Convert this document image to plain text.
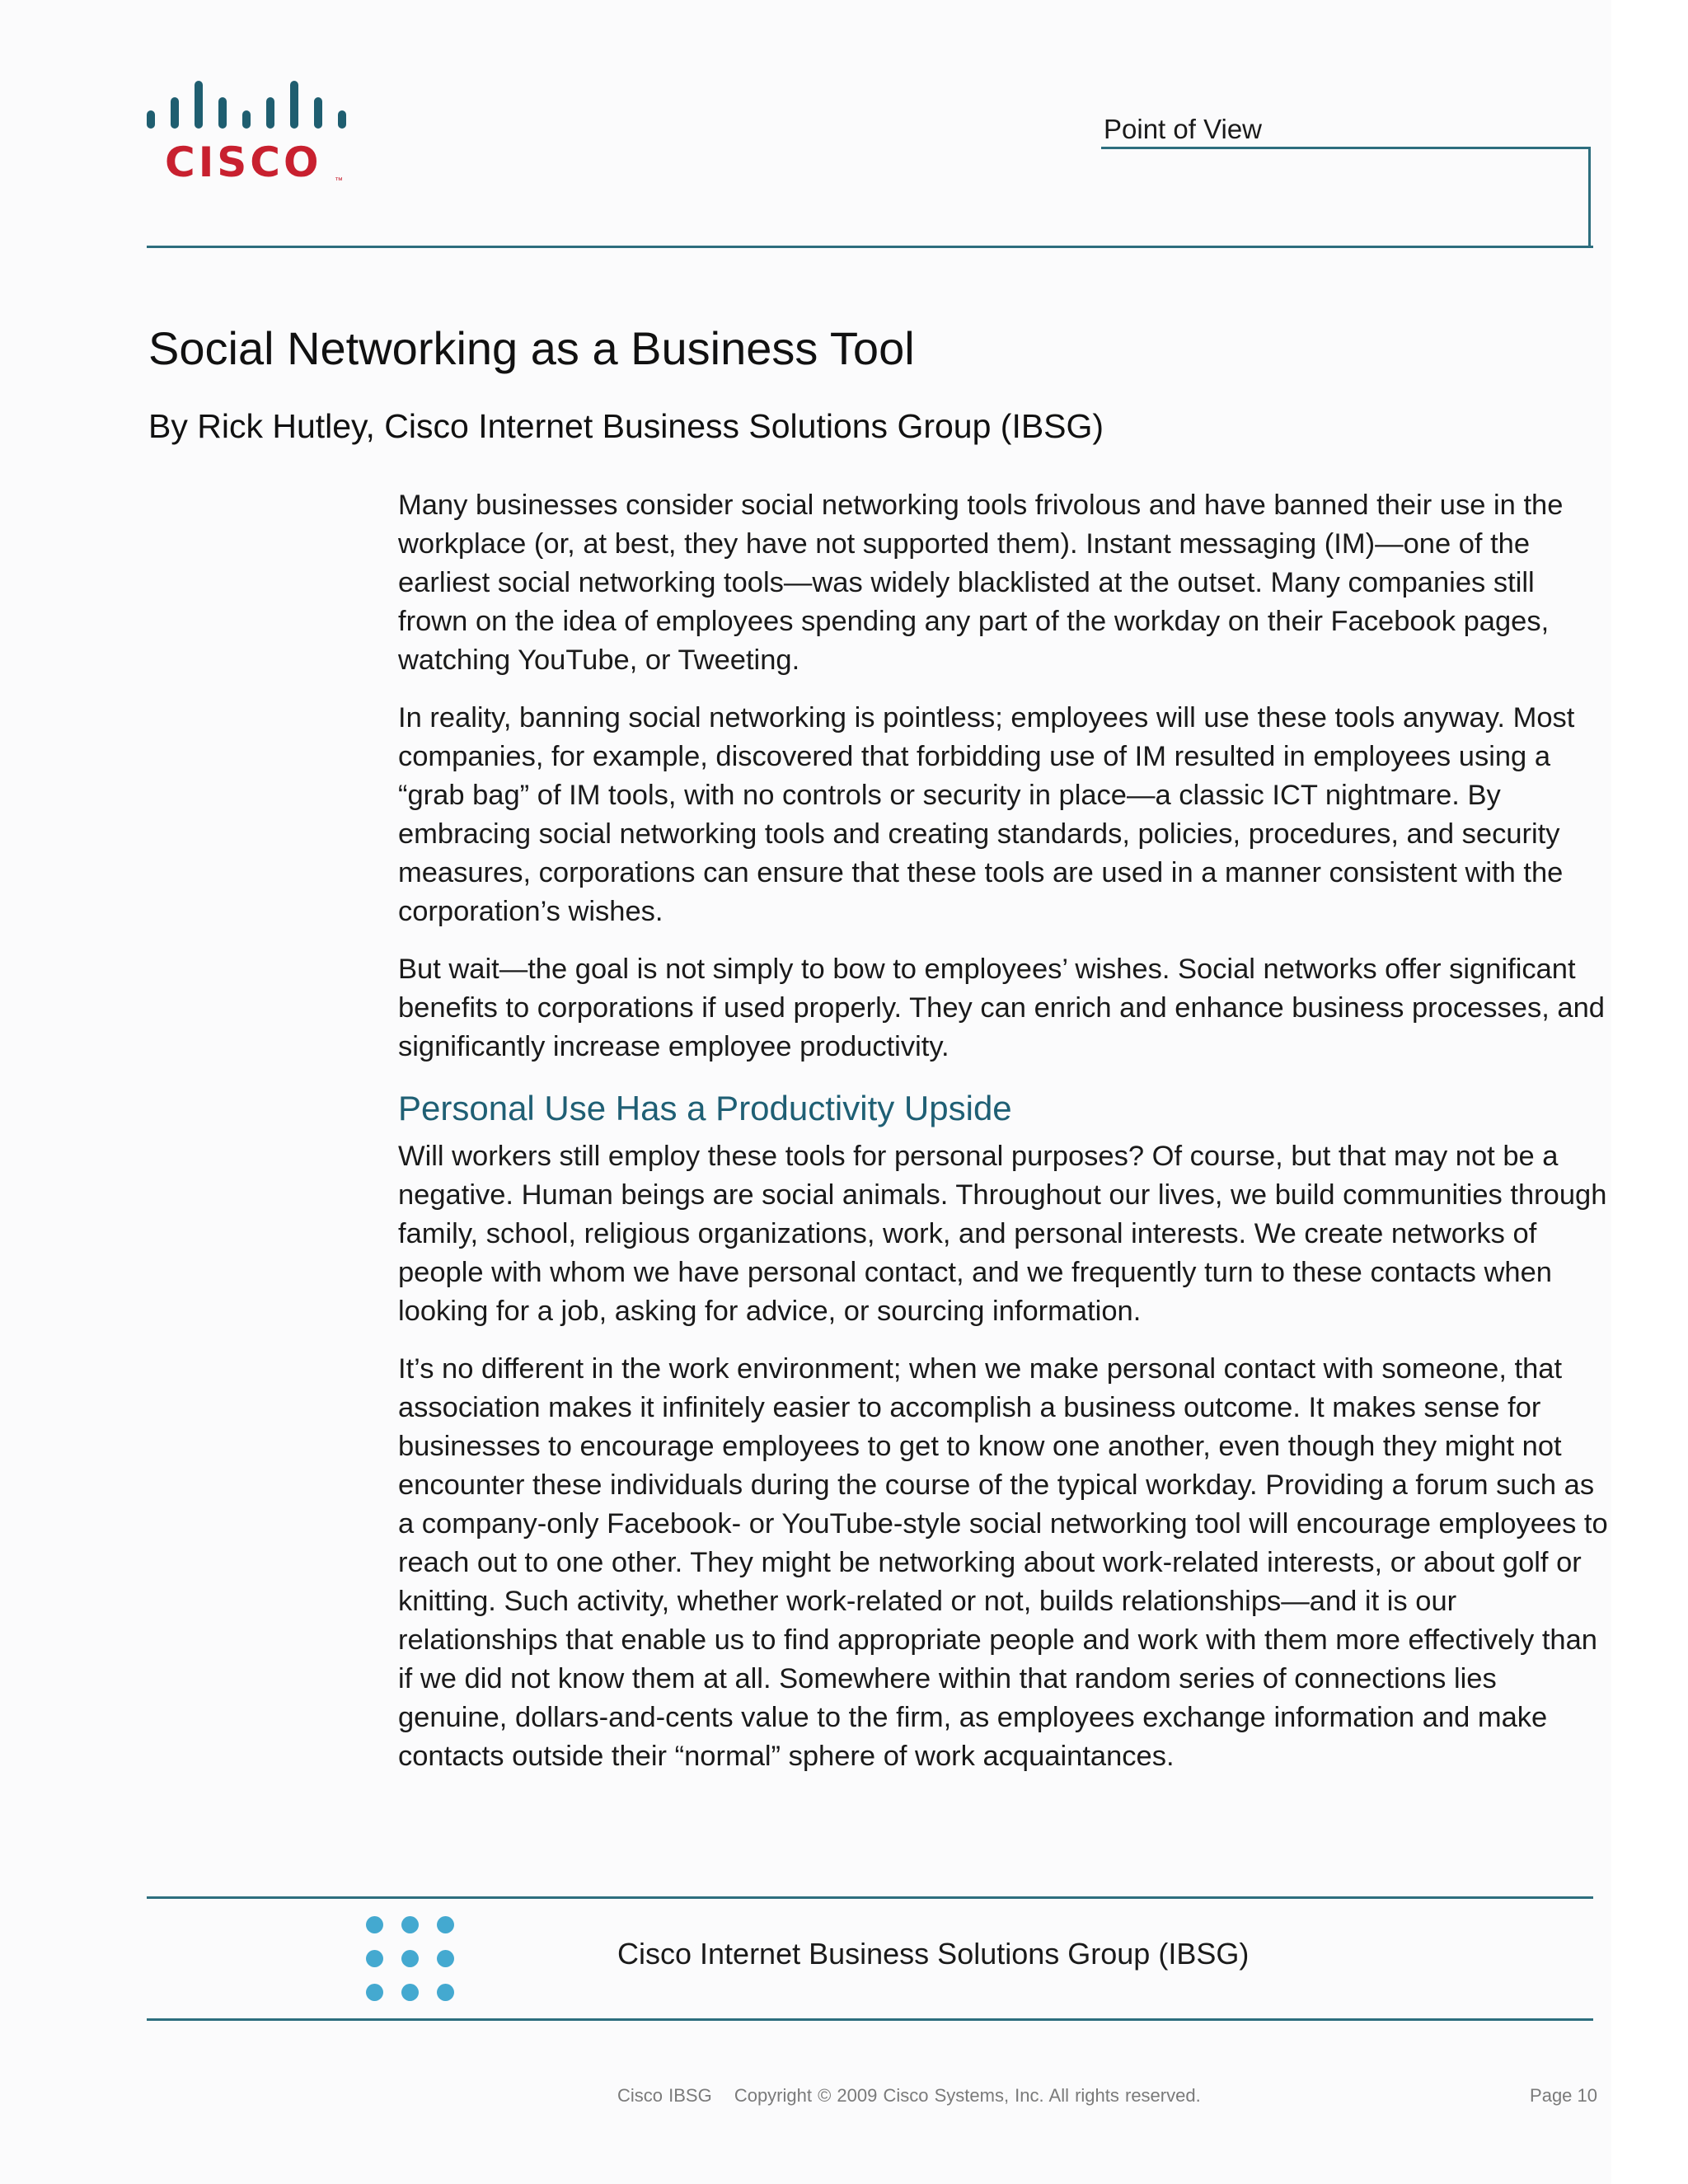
CISCO ™
Point of View
Social Networking as a Business Tool
By Rick Hutley, Cisco Internet Business Solutions Group (IBSG)

Many businesses consider social networking tools frivolous and have banned their use in the workplace (or, at best, they have not supported them). Instant messaging (IM)—one of the earliest social networking tools—was widely blacklisted at the outset. Many companies still frown on the idea of employees spending any part of the workday on their Facebook pages, watching YouTube, or Tweeting.

In reality, banning social networking is pointless; employees will use these tools anyway. Most companies, for example, discovered that forbidding use of IM resulted in employees using a “grab bag” of IM tools, with no controls or security in place—a classic ICT nightmare. By embracing social networking tools and creating standards, policies, procedures, and security measures, corporations can ensure that these tools are used in a manner consistent with the corporation’s wishes.

But wait—the goal is not simply to bow to employees’ wishes. Social networks offer significant benefits to corporations if used properly. They can enrich and enhance business processes, and significantly increase employee productivity.

Personal Use Has a Productivity Upside

Will workers still employ these tools for personal purposes? Of course, but that may not be a negative. Human beings are social animals. Throughout our lives, we build communities through family, school, religious organizations, work, and personal interests. We create networks of people with whom we have personal contact, and we frequently turn to these contacts when looking for a job, asking for advice, or sourcing information.

It’s no different in the work environment; when we make personal contact with someone, that association makes it infinitely easier to accomplish a business outcome. It makes sense for businesses to encourage employees to get to know one another, even though they might not encounter these individuals during the course of the typical workday. Providing a forum such as a company-only Facebook- or YouTube-style social networking tool will encourage employees to reach out to one other. They might be networking about work-related interests, or about golf or knitting. Such activity, whether work-related or not, builds relationships—and it is our relationships that enable us to find appropriate people and work with them more effectively than if we did not know them at all. Somewhere within that random series of connections lies genuine, dollars-and-cents value to the firm, as employees exchange information and make contacts outside their “normal” sphere of work acquaintances.

Cisco Internet Business Solutions Group (IBSG)
Cisco IBSG Copyright © 2009 Cisco Systems, Inc. All rights reserved.	Page 10
